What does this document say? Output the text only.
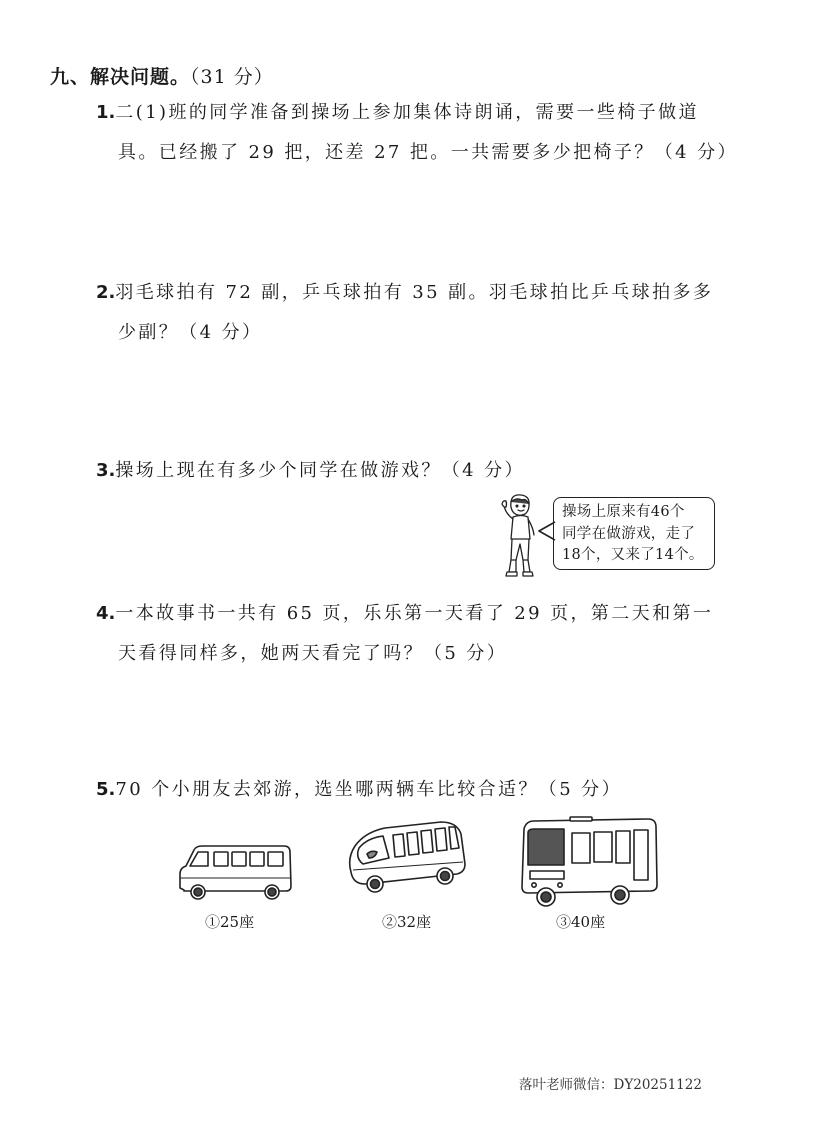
九、解决问题。（31 分）
1.二(1)班的同学准备到操场上参加集体诗朗诵，需要一些椅子做道
具。已经搬了 29 把，还差 27 把。一共需要多少把椅子？（4 分）
2.羽毛球拍有 72 副，乒乓球拍有 35 副。羽毛球拍比乒乓球拍多多
少副？（4 分）
3.操场上现在有多少个同学在做游戏？（4 分）
操场上原来有46个
同学在做游戏，走了
18个，又来了14个。
4.一本故事书一共有 65 页，乐乐第一天看了 29 页，第二天和第一
天看得同样多，她两天看完了吗？（5 分）
5.70 个小朋友去郊游，选坐哪两辆车比较合适？（5 分）
①25座	②32座	③40座
落叶老师微信：DY20251122
